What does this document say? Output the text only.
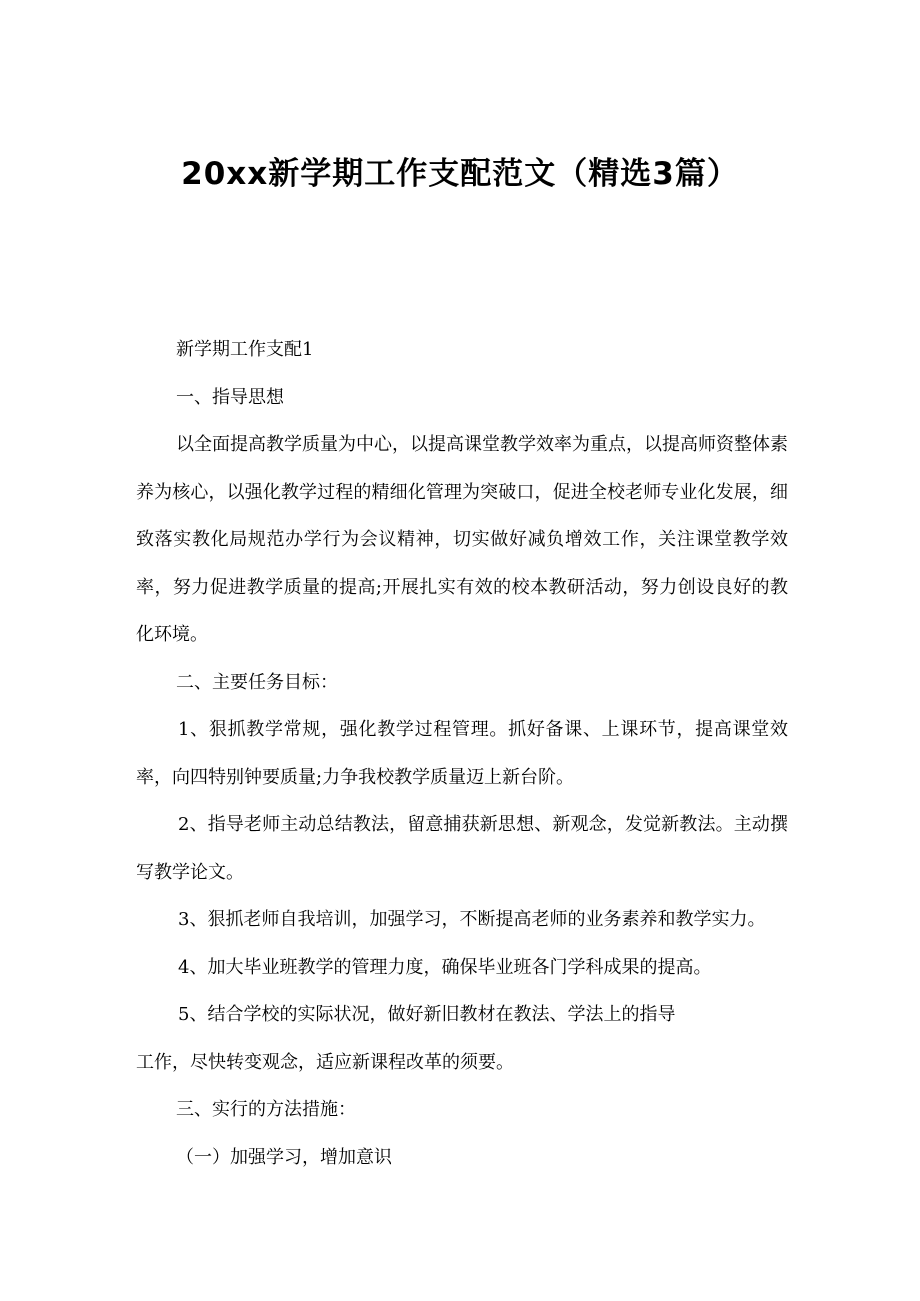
20xx新学期工作支配范文（精选3篇）

新学期工作支配1

一、指导思想

以全面提高教学质量为中心，以提高课堂教学效率为重点，以提高师资整体素养为核心，以强化教学过程的精细化管理为突破口，促进全校老师专业化发展，细致落实教化局规范办学行为会议精神，切实做好减负增效工作，关注课堂教学效率，努力促进教学质量的提高;开展扎实有效的校本教研活动，努力创设良好的教化环境。

二、主要任务目标：

1、狠抓教学常规，强化教学过程管理。抓好备课、上课环节，提高课堂效率，向四特别钟要质量;力争我校教学质量迈上新台阶。

2、指导老师主动总结教法，留意捕获新思想、新观念，发觉新教法。主动撰写教学论文。

3、狠抓老师自我培训，加强学习，不断提高老师的业务素养和教学实力。

4、加大毕业班教学的管理力度，确保毕业班各门学科成果的提高。

5、结合学校的实际状况，做好新旧教材在教法、学法上的指导

工作，尽快转变观念，适应新课程改革的须要。

三、实行的方法措施：

（一）加强学习，增加意识
